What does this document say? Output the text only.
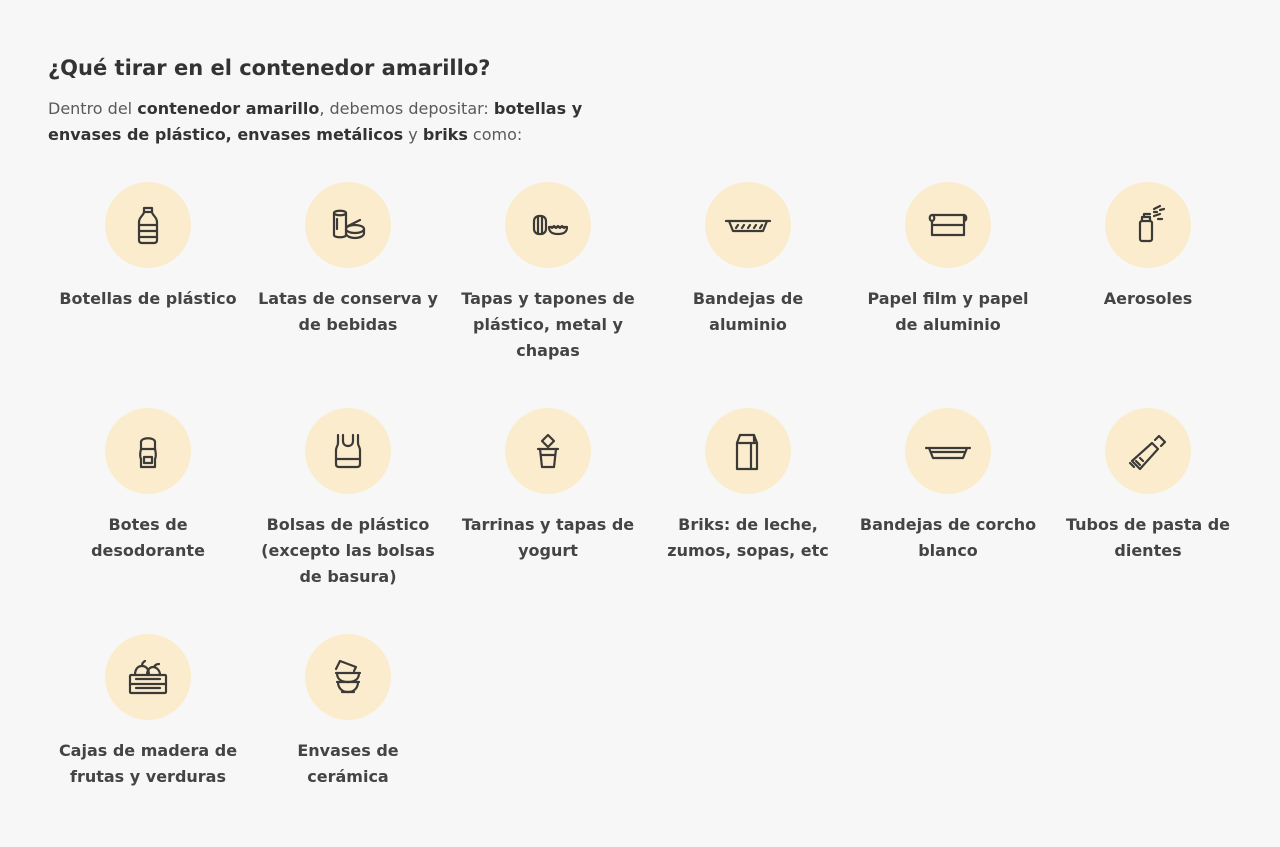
¿Qué tirar en el contenedor amarillo?

Dentro del contenedor amarillo, debemos depositar: botellas y envases de plástico, envases metálicos y briks como:

Botellas de plástico	Latas de conserva y de bebidas
Tapas y tapones de plástico, metal y chapas
Bandejas de aluminio
Papel film y papel de aluminio
Aerosoles
Botes de desodorante
Bolsas de plástico (excepto las bolsas de basura)
Tarrinas y tapas de yogurt
Briks: de leche, zumos, sopas, etc
Bandejas de corcho blanco
Tubos de pasta de dientes
Cajas de madera de frutas y verduras
Envases de cerámica
